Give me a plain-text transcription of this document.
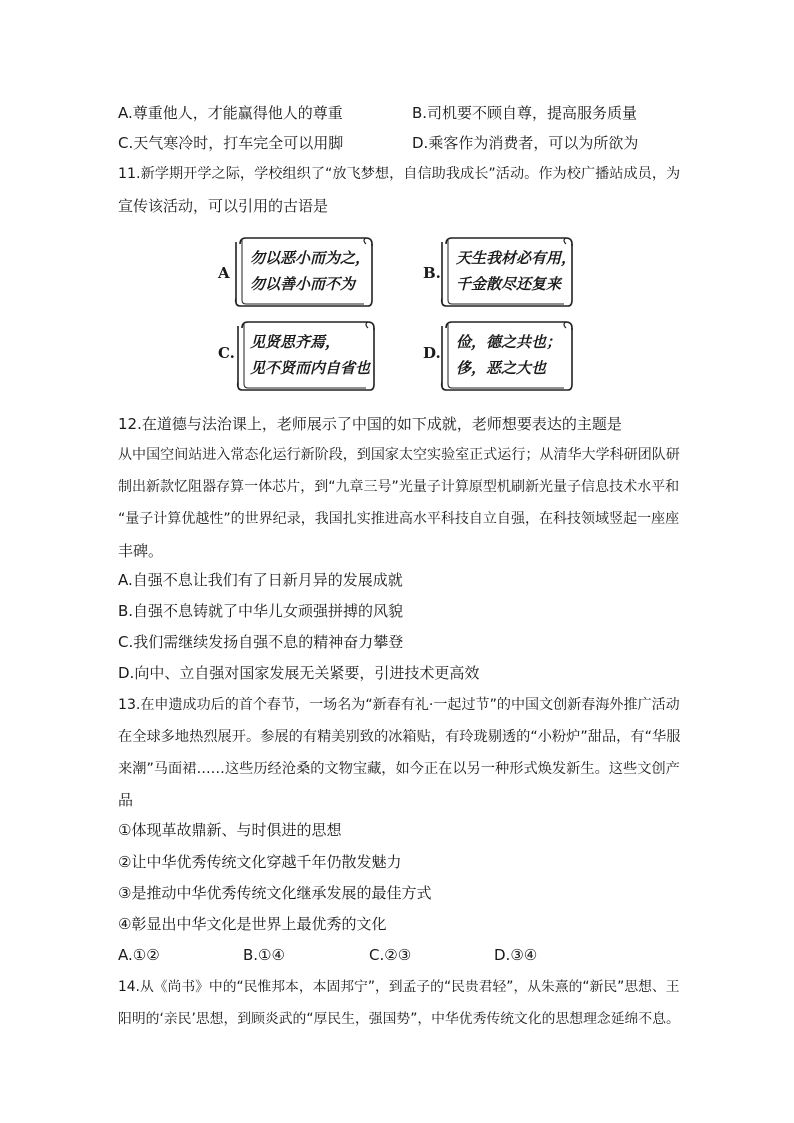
A.尊重他人，才能赢得他人的尊重	B.司机要不顾自尊，提高服务质量
C.天气寒冷时，打车完全可以用脚	D.乘客作为消费者，可以为所欲为
11.新学期开学之际，学校组织了“放飞梦想，自信助我成长”活动。作为校广播站成员，为
宣传该活动，可以引用的古语是
A
勿以恶小而为之，
勿以善小而不为
B.
天生我材必有用，
千金散尽还复来
C.
见贤思齐焉，
见不贤而内自省也
D.
俭，德之共也；
侈，恶之大也
12.在道德与法治课上，老师展示了中国的如下成就，老师想要表达的主题是
从中国空间站进入常态化运行新阶段，到国家太空实验室正式运行；从清华大学科研团队研
制出新款忆阻器存算一体芯片，到“九章三号”光量子计算原型机刷新光量子信息技术水平和
“量子计算优越性”的世界纪录，我国扎实推进高水平科技自立自强，在科技领域竖起一座座
丰碑。
A.自强不息让我们有了日新月异的发展成就
B.自强不息铸就了中华儿女顽强拼搏的风貌
C.我们需继续发扬自强不息的精神奋力攀登
D.向中、立自强对国家发展无关紧要，引进技术更高效
13.在申遗成功后的首个春节，一场名为“新春有礼·一起过节”的中国文创新春海外推广活动
在全球多地热烈展开。参展的有精美别致的冰箱贴，有玲珑剔透的“小粉炉”甜品，有“华服
来潮”马面裙……这些历经沧桑的文物宝藏，如今正在以另一种形式焕发新生。这些文创产
品
①体现革故鼎新、与时俱进的思想
②让中华优秀传统文化穿越千年仍散发魅力
③是推动中华优秀传统文化继承发展的最佳方式
④彰显出中华文化是世界上最优秀的文化
A.①②	B.①④	C.②③	D.③④
14.从《尚书》中的“民惟邦本，本固邦宁”，到孟子的“民贵君轻”，从朱熹的“新民”思想、王
阳明的‘亲民’思想，到顾炎武的“厚民生，强国势”，中华优秀传统文化的思想理念延绵不息。
